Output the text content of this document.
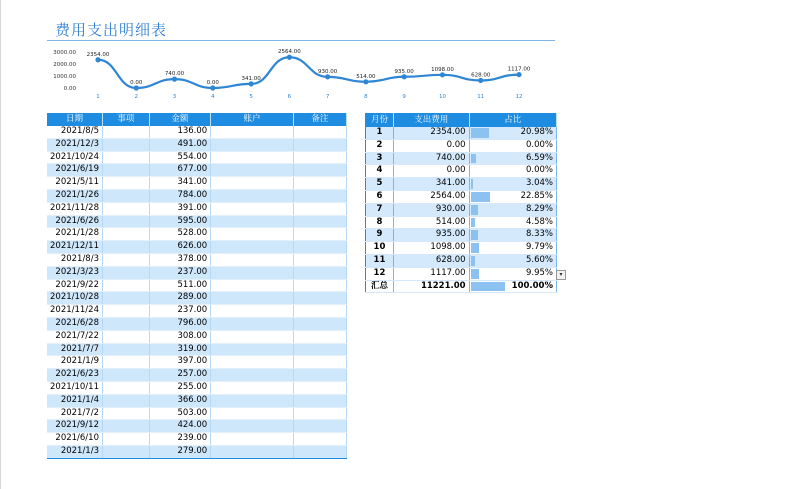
费用支出明细表
3000.00
2000.00
1000.00
0.00
2354.00
1
0.00
2
740.00
3
0.00
4
341.00
5
2564.00
6
930.00
7
514.00
8
935.00
9
1098.00
10
628.00
11
1117.00
12
日期	事项	金额	账户	备注
2021/8/5		136.00		
2021/12/3		491.00		
2021/10/24		554.00		
2021/6/19		677.00		
2021/5/11		341.00		
2021/1/26		784.00		
2021/11/28		391.00		
2021/6/26		595.00		
2021/1/28		528.00		
2021/12/11		626.00		
2021/8/3		378.00		
2021/3/23		237.00		
2021/9/22		511.00		
2021/10/28		289.00		
2021/11/24		237.00		
2021/6/28		796.00		
2021/7/22		308.00		
2021/7/7		319.00		
2021/1/9		397.00		
2021/6/23		257.00		
2021/10/11		255.00		
2021/1/4		366.00		
2021/7/2		503.00		
2021/9/12		424.00		
2021/6/10		239.00		
2021/1/3		279.00		
月份	支出费用	占比
1	2354.00	20.98%
2	0.00	0.00%
3	740.00	6.59%
4	0.00	0.00%
5	341.00	3.04%
6	2564.00	22.85%
7	930.00	8.29%
8	514.00	4.58%
9	935.00	8.33%
10	1098.00	9.79%
11	628.00	5.60%
12	1117.00	9.95%
汇总	11221.00	100.00%
▾
